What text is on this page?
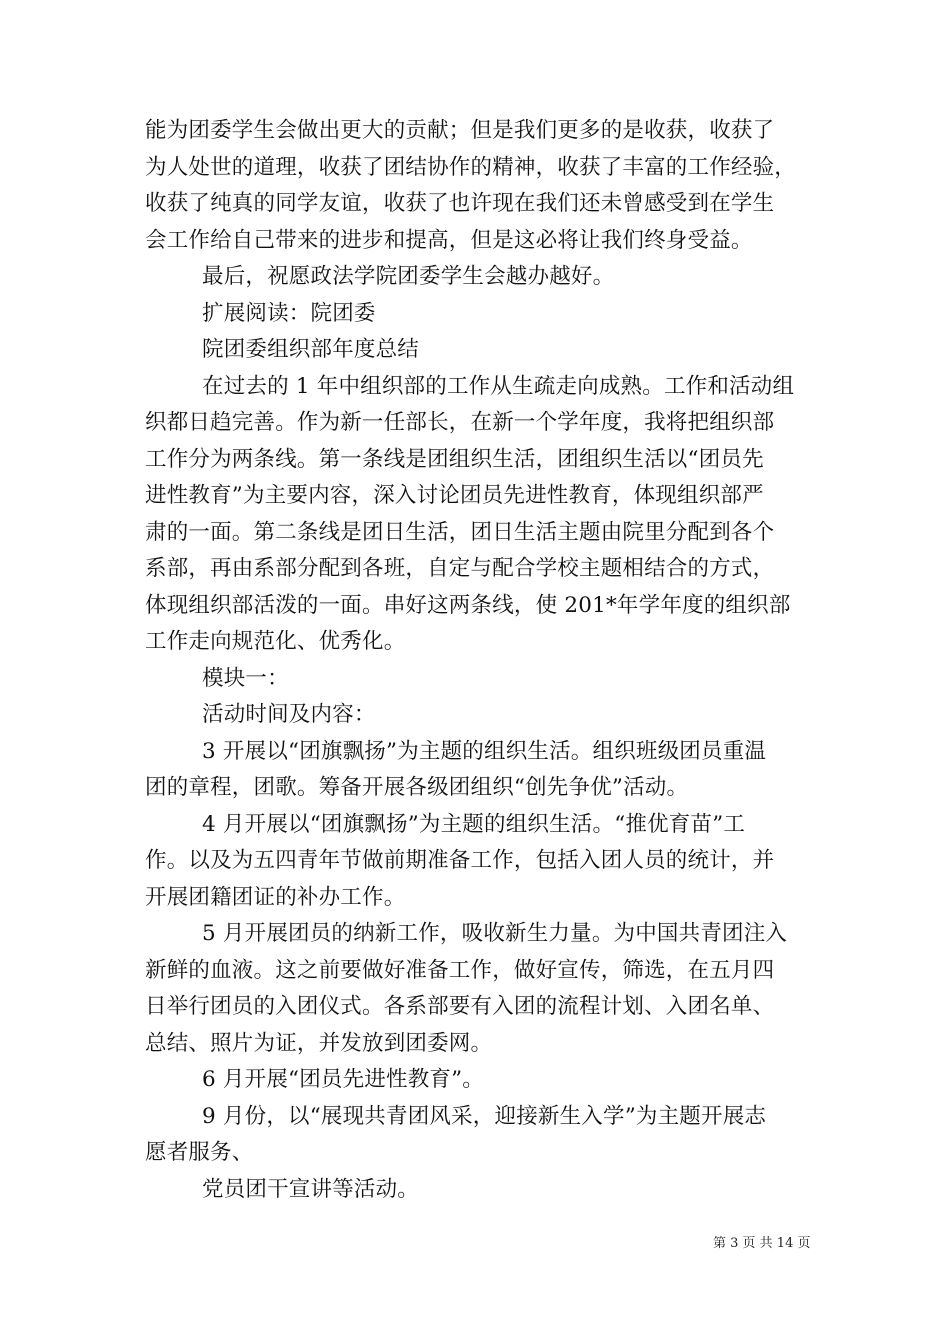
能为团委学生会做出更大的贡献；但是我们更多的是收获，收获了
为人处世的道理，收获了团结协作的精神，收获了丰富的工作经验，
收获了纯真的同学友谊，收获了也许现在我们还未曾感受到在学生
会工作给自己带来的进步和提高，但是这必将让我们终身受益。
最后，祝愿政法学院团委学生会越办越好。
扩展阅读：院团委
院团委组织部年度总结
在过去的 1 年中组织部的工作从生疏走向成熟。工作和活动组
织都日趋完善。作为新一任部长，在新一个学年度，我将把组织部
工作分为两条线。第一条线是团组织生活，团组织生活以“团员先
进性教育”为主要内容，深入讨论团员先进性教育，体现组织部严
肃的一面。第二条线是团日生活，团日生活主题由院里分配到各个
系部，再由系部分配到各班，自定与配合学校主题相结合的方式，
体现组织部活泼的一面。串好这两条线，使 201*年学年度的组织部
工作走向规范化、优秀化。
模块一：
活动时间及内容：
3 开展以“团旗飘扬”为主题的组织生活。组织班级团员重温
团的章程，团歌。筹备开展各级团组织“创先争优”活动。
4 月开展以“团旗飘扬”为主题的组织生活。“推优育苗”工
作。以及为五四青年节做前期准备工作，包括入团人员的统计，并
开展团籍团证的补办工作。
5 月开展团员的纳新工作，吸收新生力量。为中国共青团注入
新鲜的血液。这之前要做好准备工作，做好宣传，筛选，在五月四
日举行团员的入团仪式。各系部要有入团的流程计划、入团名单、
总结、照片为证，并发放到团委网。
6 月开展“团员先进性教育”。
9 月份，以“展现共青团风采，迎接新生入学”为主题开展志
愿者服务、
党员团干宣讲等活动。
第 3 页 共 14 页
